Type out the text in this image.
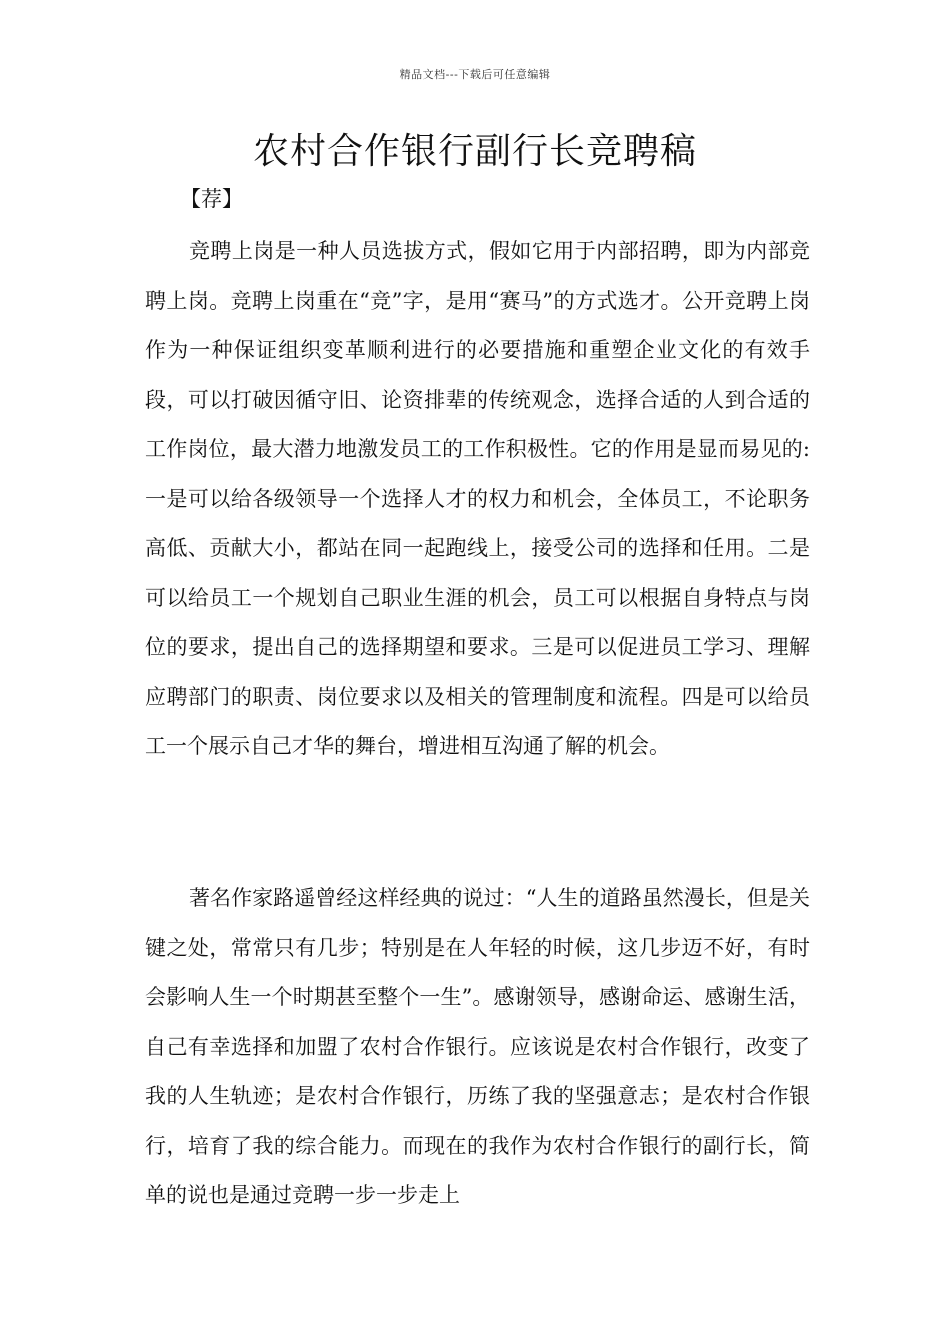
精品文档---下载后可任意编辑
农村合作银行副行长竞聘稿
【荐】

竞聘上岗是一种人员选拔方式，假如它用于内部招聘，即为内部竞聘上岗。竞聘上岗重在“竞”字，是用“赛马”的方式选才。公开竞聘上岗作为一种保证组织变革顺利进行的必要措施和重塑企业文化的有效手段，可以打破因循守旧、论资排辈的传统观念，选择合适的人到合适的工作岗位，最大潜力地激发员工的工作积极性。它的作用是显而易见的:一是可以给各级领导一个选择人才的权力和机会，全体员工，不论职务高低、贡献大小，都站在同一起跑线上，接受公司的选择和任用。二是可以给员工一个规划自己职业生涯的机会，员工可以根据自身特点与岗位的要求，提出自己的选择期望和要求。三是可以促进员工学习、理解应聘部门的职责、岗位要求以及相关的管理制度和流程。四是可以给员工一个展示自己才华的舞台，增进相互沟通了解的机会。

著名作家路遥曾经这样经典的说过：“人生的道路虽然漫长，但是关键之处，常常只有几步；特别是在人年轻的时候，这几步迈不好，有时会影响人生一个时期甚至整个一生”。感谢领导，感谢命运、感谢生活，自己有幸选择和加盟了农村合作银行。应该说是农村合作银行，改变了我的人生轨迹；是农村合作银行，历练了我的坚强意志；是农村合作银行，培育了我的综合能力。而现在的我作为农村合作银行的副行长，简单的说也是通过竞聘一步一步走上
